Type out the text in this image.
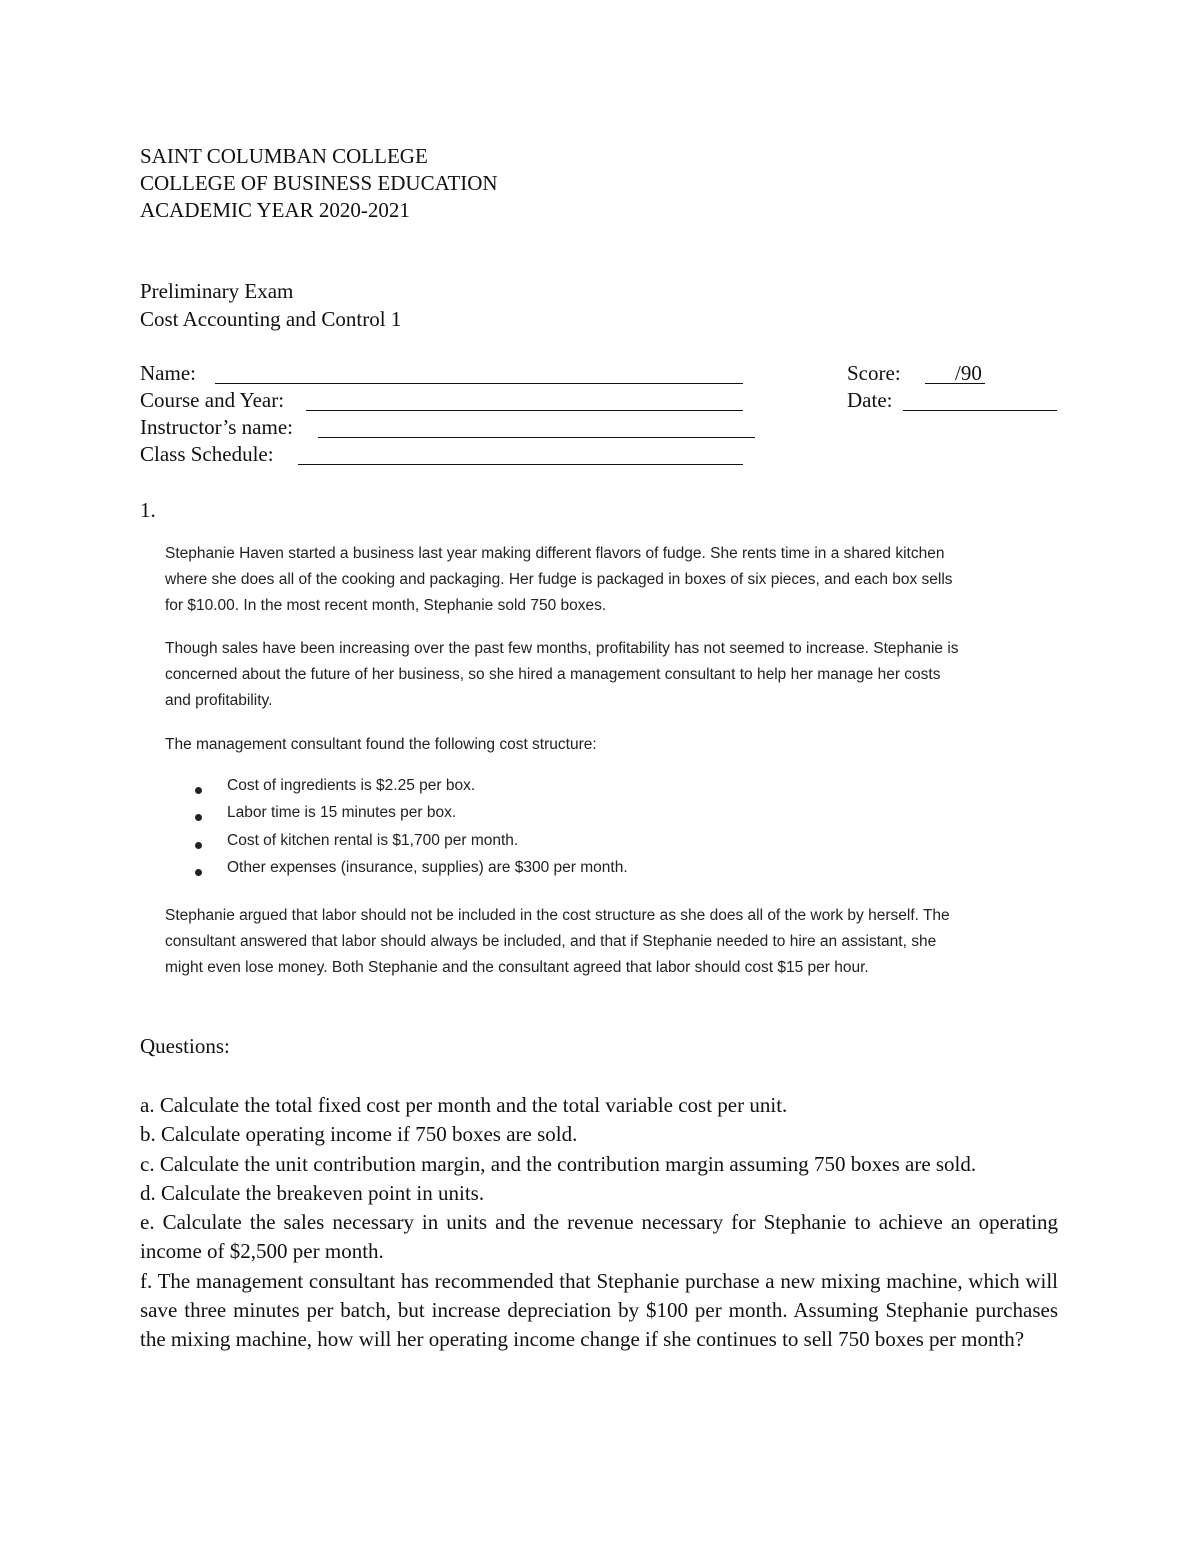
SAINT COLUMBAN COLLEGE
COLLEGE OF BUSINESS EDUCATION
ACADEMIC YEAR 2020-2021
Preliminary Exam
Cost Accounting and Control 1
Name:
Course and Year:
Instructor’s name:
Class Schedule:
Score:	/90
Date:
1.

Stephanie Haven started a business last year making different flavors of fudge. She rents time in a shared kitchen where she does all of the cooking and packaging. Her fudge is packaged in boxes of six pieces, and each box sells for $10.00. In the most recent month, Stephanie sold 750 boxes.

Though sales have been increasing over the past few months, profitability has not seemed to increase. Stephanie is concerned about the future of her business, so she hired a management consultant to help her manage her costs and profitability.

The management consultant found the following cost structure:

Cost of ingredients is $2.25 per box.
Labor time is 15 minutes per box.
Cost of kitchen rental is $1,700 per month.
Other expenses (insurance, supplies) are $300 per month.

Stephanie argued that labor should not be included in the cost structure as she does all of the work by herself. The consultant answered that labor should always be included, and that if Stephanie needed to hire an assistant, she might even lose money. Both Stephanie and the consultant agreed that labor should cost $15 per hour.

Questions:
a. Calculate the total fixed cost per month and the total variable cost per unit.
b. Calculate operating income if 750 boxes are sold.
c. Calculate the unit contribution margin, and the contribution margin assuming 750 boxes are sold.
d. Calculate the breakeven point in units.
e. Calculate the sales necessary in units and the revenue necessary for Stephanie to achieve an operating income of $2,500 per month.
f. The management consultant has recommended that Stephanie purchase a new mixing machine, which will save three minutes per batch, but increase depreciation by $100 per month. Assuming Stephanie purchases the mixing machine, how will her operating income change if she continues to sell 750 boxes per month?
